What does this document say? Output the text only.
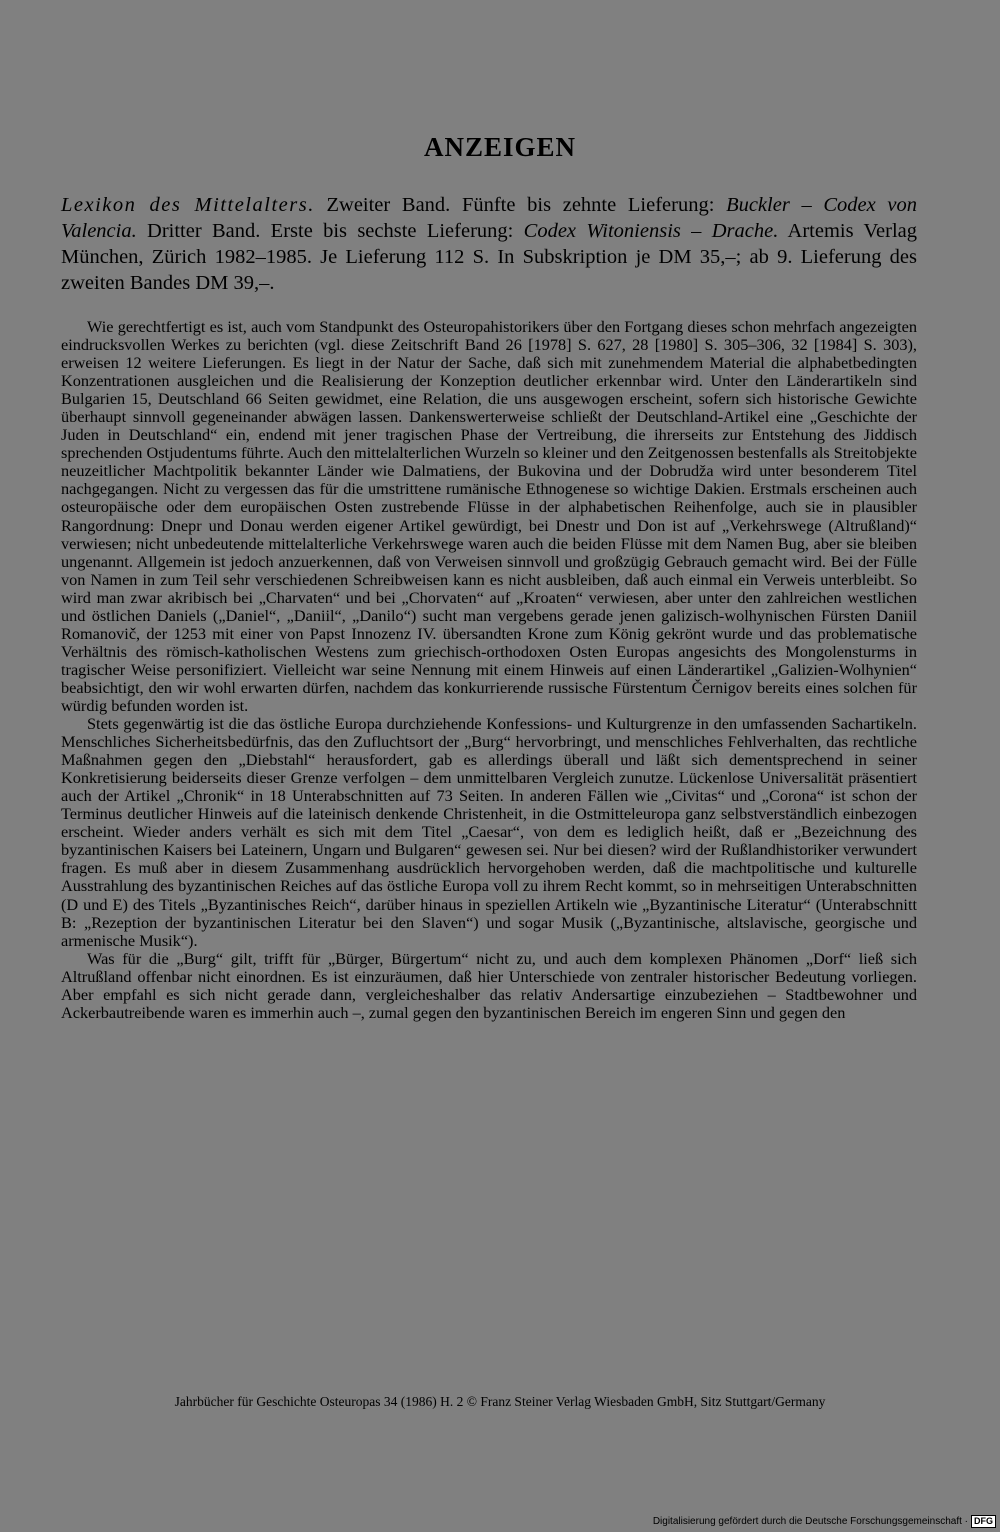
ANZEIGEN
Lexikon des Mittelalters. Zweiter Band. Fünfte bis zehnte Lieferung: Buckler – Codex von Valencia. Dritter Band. Erste bis sechste Lieferung: Codex Witoniensis – Drache. Artemis Verlag München, Zürich 1982–1985. Je Lieferung 112 S. In Subskription je DM 35,–; ab 9. Lieferung des zweiten Bandes DM 39,–.

Wie gerechtfertigt es ist, auch vom Standpunkt des Osteuropahistorikers über den Fortgang dieses schon mehrfach angezeigten eindrucksvollen Werkes zu berichten (vgl. diese Zeitschrift Band 26 [1978] S. 627, 28 [1980] S. 305–306, 32 [1984] S. 303), erweisen 12 weitere Lieferungen. Es liegt in der Natur der Sache, daß sich mit zunehmendem Material die alphabetbedingten Konzentrationen ausgleichen und die Realisierung der Konzeption deutlicher erkennbar wird. Unter den Länderartikeln sind Bulgarien 15, Deutschland 66 Seiten gewidmet, eine Relation, die uns ausgewogen erscheint, sofern sich historische Gewichte überhaupt sinnvoll gegeneinander abwägen lassen. Dankenswerterweise schließt der Deutschland-Artikel eine „Geschichte der Juden in Deutschland“ ein, endend mit jener tragischen Phase der Vertreibung, die ihrerseits zur Entstehung des Jiddisch sprechenden Ostjudentums führte. Auch den mittelalterlichen Wurzeln so kleiner und den Zeitgenossen bestenfalls als Streitobjekte neuzeitlicher Machtpolitik bekannter Länder wie Dalmatiens, der Bukovina und der Dobrudža wird unter besonderem Titel nachgegangen. Nicht zu vergessen das für die umstrittene rumänische Ethnogenese so wichtige Dakien. Erstmals erscheinen auch osteuropäische oder dem europäischen Osten zustrebende Flüsse in der alphabetischen Reihenfolge, auch sie in plausibler Rangordnung: Dnepr und Donau werden eigener Artikel gewürdigt, bei Dnestr und Don ist auf „Verkehrswege (Altrußland)“ verwiesen; nicht unbedeutende mittelalterliche Verkehrswege waren auch die beiden Flüsse mit dem Namen Bug, aber sie bleiben ungenannt. Allgemein ist jedoch anzuerkennen, daß von Verweisen sinnvoll und großzügig Gebrauch gemacht wird. Bei der Fülle von Namen in zum Teil sehr verschiedenen Schreibweisen kann es nicht ausbleiben, daß auch einmal ein Verweis unterbleibt. So wird man zwar akribisch bei „Charvaten“ und bei „Chorvaten“ auf „Kroaten“ verwiesen, aber unter den zahlreichen westlichen und östlichen Daniels („Daniel“, „Daniil“, „Danilo“) sucht man vergebens gerade jenen galizisch-wolhynischen Fürsten Daniil Romanovič, der 1253 mit einer von Papst Innozenz IV. übersandten Krone zum König gekrönt wurde und das problematische Verhältnis des römisch-katholischen Westens zum griechisch-orthodoxen Osten Europas angesichts des Mongolensturms in tragischer Weise personifiziert. Vielleicht war seine Nennung mit einem Hinweis auf einen Länderartikel „Galizien-Wolhynien“ beabsichtigt, den wir wohl erwarten dürfen, nachdem das konkurrierende russische Fürstentum Černigov bereits eines solchen für würdig befunden worden ist.

Stets gegenwärtig ist die das östliche Europa durchziehende Konfessions- und Kulturgrenze in den umfassenden Sachartikeln. Menschliches Sicherheitsbedürfnis, das den Zufluchtsort der „Burg“ hervorbringt, und menschliches Fehlverhalten, das rechtliche Maßnahmen gegen den „Diebstahl“ herausfordert, gab es allerdings überall und läßt sich dementsprechend in seiner Konkretisierung beiderseits dieser Grenze verfolgen – dem unmittelbaren Vergleich zunutze. Lückenlose Universalität präsentiert auch der Artikel „Chronik“ in 18 Unterabschnitten auf 73 Seiten. In anderen Fällen wie „Civitas“ und „Corona“ ist schon der Terminus deutlicher Hinweis auf die lateinisch denkende Christenheit, in die Ostmitteleuropa ganz selbstverständlich einbezogen erscheint. Wieder anders verhält es sich mit dem Titel „Caesar“, von dem es lediglich heißt, daß er „Bezeichnung des byzantinischen Kaisers bei Lateinern, Ungarn und Bulgaren“ gewesen sei. Nur bei diesen? wird der Rußlandhistoriker verwundert fragen. Es muß aber in diesem Zusammenhang ausdrücklich hervorgehoben werden, daß die machtpolitische und kulturelle Ausstrahlung des byzantinischen Reiches auf das östliche Europa voll zu ihrem Recht kommt, so in mehrseitigen Unterabschnitten (D und E) des Titels „Byzantinisches Reich“, darüber hinaus in speziellen Artikeln wie „Byzantinische Literatur“ (Unterabschnitt B: „Rezeption der byzantinischen Literatur bei den Slaven“) und sogar Musik („Byzantinische, altslavische, georgische und armenische Musik“).

Was für die „Burg“ gilt, trifft für „Bürger, Bürgertum“ nicht zu, und auch dem komplexen Phänomen „Dorf“ ließ sich Altrußland offenbar nicht einordnen. Es ist einzuräumen, daß hier Unterschiede von zentraler historischer Bedeutung vorliegen. Aber empfahl es sich nicht gerade dann, vergleicheshalber das relativ Andersartige einzubeziehen – Stadtbewohner und Ackerbautreibende waren es immerhin auch –, zumal gegen den byzantinischen Bereich im engeren Sinn und gegen den

Jahrbücher für Geschichte Osteuropas 34 (1986) H. 2 © Franz Steiner Verlag Wiesbaden GmbH, Sitz Stuttgart/Germany
Digitalisierung gefördert durch die Deutsche Forschungsgemeinschaft · DFG
